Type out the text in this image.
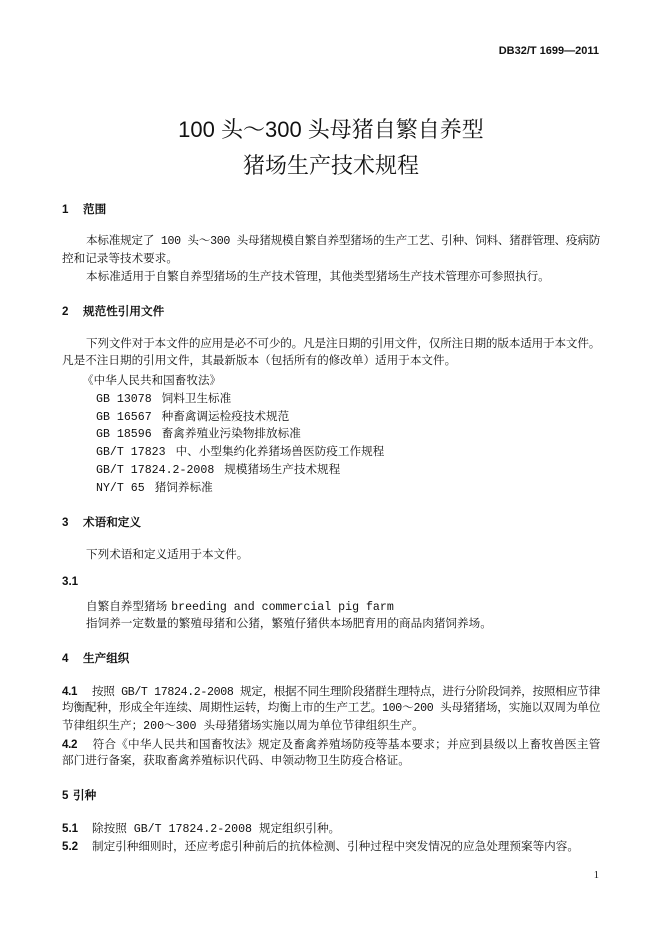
DB32/T 1699—2011
100 头～300 头母猪自繁自养型
猪场生产技术规程
1 范围
本标准规定了 100 头～300 头母猪规模自繁自养型猪场的生产工艺、引种、饲料、猪群管理、疫病防
控和记录等技术要求。
本标准适用于自繁自养型猪场的生产技术管理，其他类型猪场生产技术管理亦可参照执行。
2 规范性引用文件
下列文件对于本文件的应用是必不可少的。凡是注日期的引用文件，仅所注日期的版本适用于本文件。
凡是不注日期的引用文件，其最新版本（包括所有的修改单）适用于本文件。
《中华人民共和国畜牧法》
GB 13078 饲料卫生标准
GB 16567 种畜禽调运检疫技术规范
GB 18596 畜禽养殖业污染物排放标准
GB/T 17823 中、小型集约化养猪场兽医防疫工作规程
GB/T 17824.2-2008 规模猪场生产技术规程
NY/T 65 猪饲养标准
3 术语和定义
下列术语和定义适用于本文件。
3.1
自繁自养型猪场 breeding and commercial pig farm
指饲养一定数量的繁殖母猪和公猪，繁殖仔猪供本场肥育用的商品肉猪饲养场。
4 生产组织
4.1 按照 GB/T 17824.2-2008 规定，根据不同生理阶段猪群生理特点，进行分阶段饲养，按照相应节律
均衡配种，形成全年连续、周期性运转，均衡上市的生产工艺。100～200 头母猪猪场，实施以双周为单位
节律组织生产；200～300 头母猪猪场实施以周为单位节律组织生产。
4.2 符合《中华人民共和国畜牧法》规定及畜禽养殖场防疫等基本要求；并应到县级以上畜牧兽医主管
部门进行备案，获取畜禽养殖标识代码、申领动物卫生防疫合格证。
5 引种
5.1 除按照 GB/T 17824.2-2008 规定组织引种。
5.2 制定引种细则时，还应考虑引种前后的抗体检测、引种过程中突发情况的应急处理预案等内容。
1
